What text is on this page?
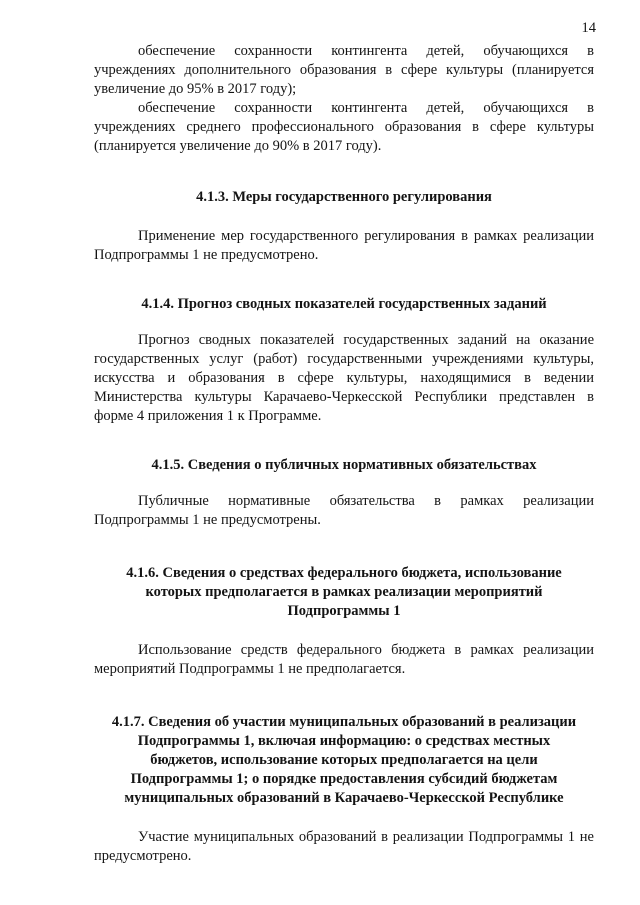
14

обеспечение сохранности контингента детей, обучающихся в учреждениях дополнительного образования в сфере культуры (планируется увеличение до 95% в 2017 году);

обеспечение сохранности контингента детей, обучающихся в учреждениях среднего профессионального образования в сфере культуры (планируется увеличение до 90% в 2017 году).

4.1.3. Меры государственного регулирования

Применение мер государственного регулирования в рамках реализации Подпрограммы 1 не предусмотрено.

4.1.4. Прогноз сводных показателей государственных заданий

Прогноз сводных показателей государственных заданий на оказание государственных услуг (работ) государственными учреждениями культуры, искусства и образования в сфере культуры, находящимися в ведении Министерства культуры Карачаево-Черкесской Республики представлен в форме 4 приложения 1 к Программе.

4.1.5. Сведения о публичных нормативных обязательствах

Публичные нормативные обязательства в рамках реализации Подпрограммы 1 не предусмотрены.

4.1.6. Сведения о средствах федерального бюджета, использование
которых предполагается в рамках реализации мероприятий
Подпрограммы 1

Использование средств федерального бюджета в рамках реализации мероприятий Подпрограммы 1 не предполагается.

4.1.7. Сведения об участии муниципальных образований в реализации
Подпрограммы 1, включая информацию: о средствах местных
бюджетов, использование которых предполагается на цели
Подпрограммы 1; о порядке предоставления субсидий бюджетам
муниципальных образований в Карачаево-Черкесской Республике

Участие муниципальных образований в реализации Подпрограммы 1 не предусмотрено.
